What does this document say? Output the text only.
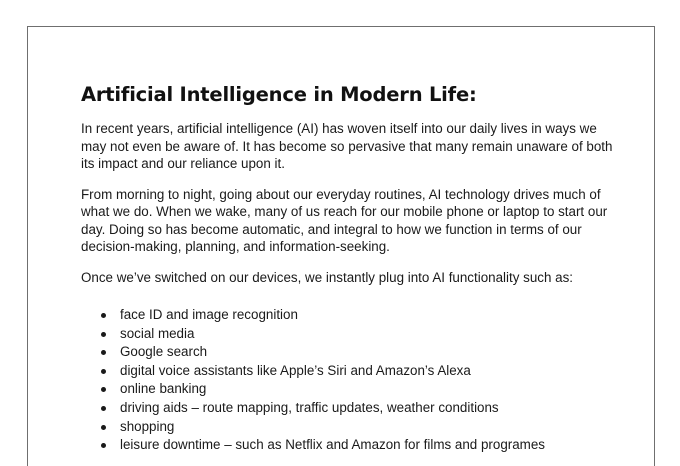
Artificial Intelligence in Modern Life:

In recent years, artificial intelligence (AI) has woven itself into our daily lives in ways we may not even be aware of. It has become so pervasive that many remain unaware of both its impact and our reliance upon it.

From morning to night, going about our everyday routines, AI technology drives much of what we do. When we wake, many of us reach for our mobile phone or laptop to start our day. Doing so has become automatic, and integral to how we function in terms of our decision-making, planning, and information-seeking.

Once we’ve switched on our devices, we instantly plug into AI functionality such as:

face ID and image recognition
social media
Google search
digital voice assistants like Apple’s Siri and Amazon’s Alexa
online banking
driving aids – route mapping, traffic updates, weather conditions
shopping
leisure downtime – such as Netflix and Amazon for films and programes
